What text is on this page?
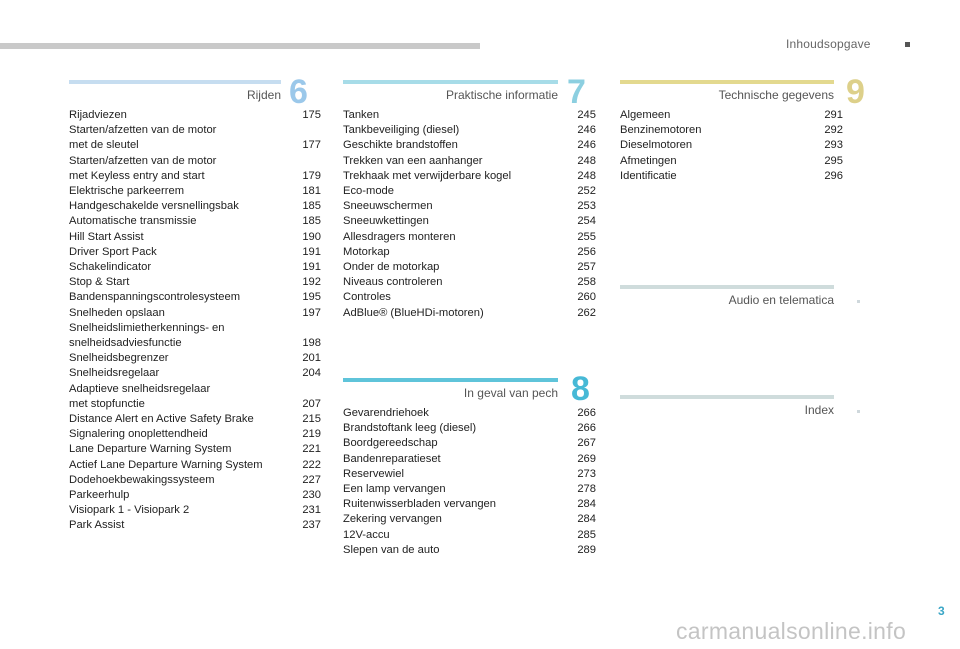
Inhoudsopgave
Rijden 6
Rijadviezen	175
Starten/afzetten van de motor
met de sleutel	177
Starten/afzetten van de motor
met Keyless entry and start	179
Elektrische parkeerrem	181
Handgeschakelde versnellingsbak	185
Automatische transmissie	185
Hill Start Assist	190
Driver Sport Pack	191
Schakelindicator	191
Stop & Start	192
Bandenspanningscontrolesysteem	195
Snelheden opslaan	197
Snelheidslimietherkennings- en
snelheidsadviesfunctie	198
Snelheidsbegrenzer	201
Snelheidsregelaar	204
Adaptieve snelheidsregelaar
met stopfunctie	207
Distance Alert en Active Safety Brake	215
Signalering onoplettendheid	219
Lane Departure Warning System	221
Actief Lane Departure Warning System	222
Dodehoekbewakingssysteem	227
Parkeerhulp	230
Visiopark 1 - Visiopark 2	231
Park Assist	237
Praktische informatie 7
Tanken	245
Tankbeveiliging (diesel)	246
Geschikte brandstoffen	246
Trekken van een aanhanger	248
Trekhaak met verwijderbare kogel	248
Eco-mode	252
Sneeuwschermen	253
Sneeuwkettingen	254
Allesdragers monteren	255
Motorkap	256
Onder de motorkap	257
Niveaus controleren	258
Controles	260
AdBlue® (BlueHDi-motoren)	262
In geval van pech 8
Gevarendriehoek	266
Brandstoftank leeg (diesel)	266
Boordgereedschap	267
Bandenreparatieset	269
Reservewiel	273
Een lamp vervangen	278
Ruitenwisserbladen vervangen	284
Zekering vervangen	284
12V-accu	285
Slepen van de auto	289
Technische gegevens 9
Algemeen	291
Benzinemotoren	292
Dieselmotoren	293
Afmetingen	295
Identificatie	296
Audio en telematica
Index
3
carmanualsonline.info
